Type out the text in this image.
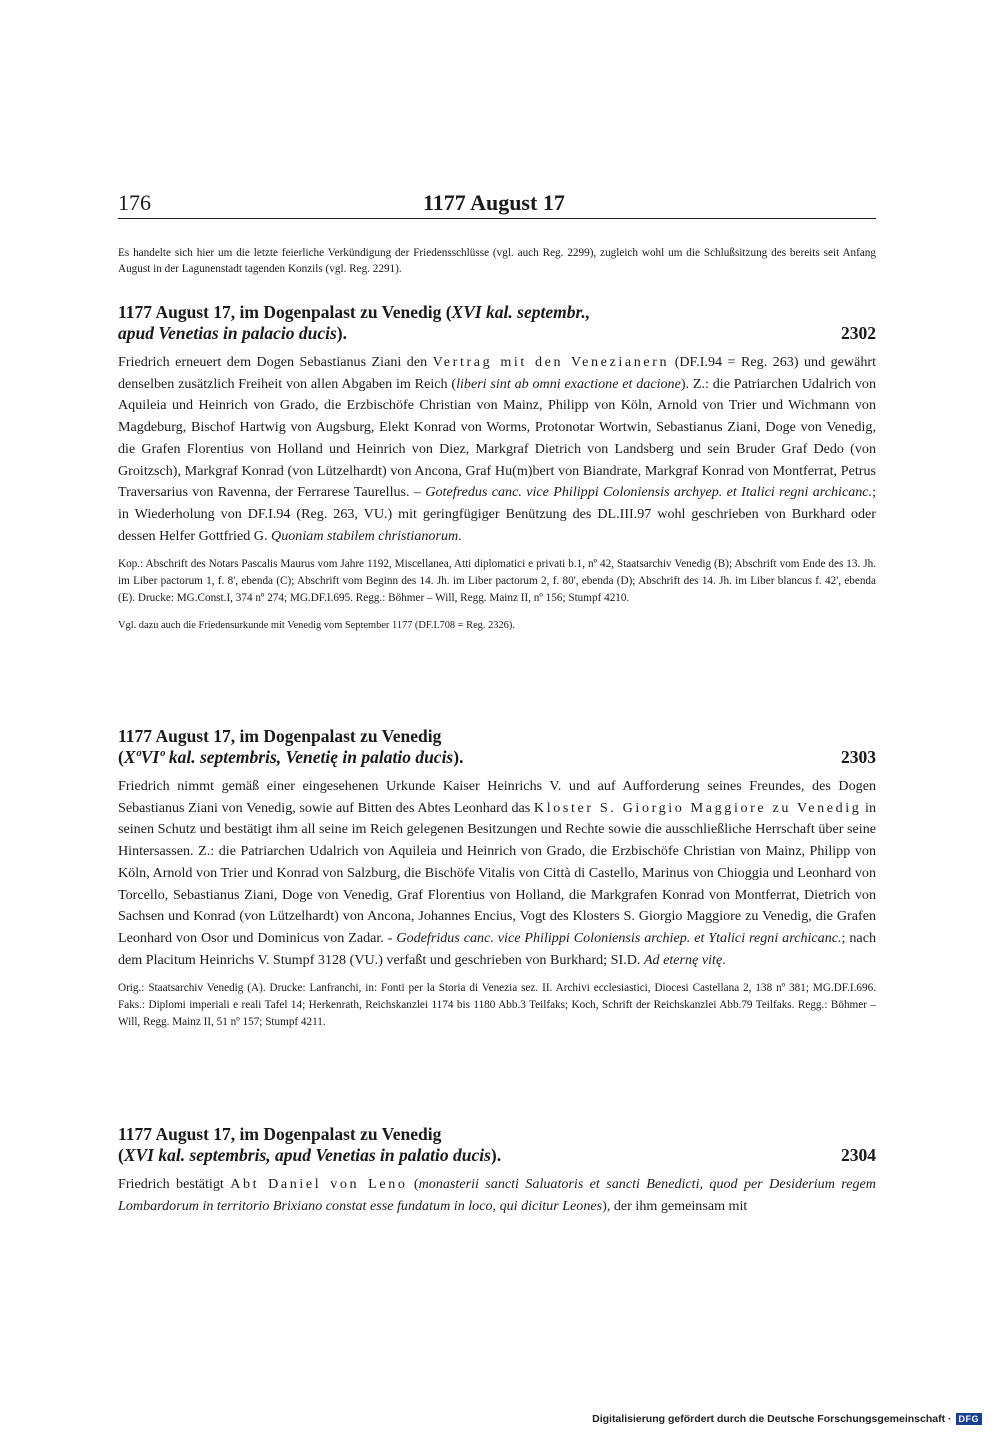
176	1177 August 17

Es handelte sich hier um die letzte feierliche Verkündigung der Friedensschlüsse (vgl. auch Reg. 2299), zugleich wohl um die Schlußsitzung des bereits seit Anfang August in der Lagunenstadt tagenden Konzils (vgl. Reg. 2291).

1177 August 17, im Dogenpalast zu Venedig (XVI kal. septembr.,
apud Venetias in palacio ducis).	2302

Friedrich erneuert dem Dogen Sebastianus Ziani den Vertrag mit den Venezianern (DF.I.94 = Reg. 263) und gewährt denselben zusätzlich Freiheit von allen Abgaben im Reich (liberi sint ab omni exactione et dacione). Z.: die Patriarchen Udalrich von Aquileia und Heinrich von Grado, die Erzbischöfe Christian von Mainz, Philipp von Köln, Arnold von Trier und Wichmann von Magdeburg, Bischof Hartwig von Augsburg, Elekt Konrad von Worms, Protonotar Wortwin, Sebastianus Ziani, Doge von Venedig, die Grafen Florentius von Holland und Heinrich von Diez, Markgraf Dietrich von Landsberg und sein Bruder Graf Dedo (von Groitzsch), Markgraf Konrad (von Lützelhardt) von Ancona, Graf Hu(m)bert von Biandrate, Markgraf Konrad von Montferrat, Petrus Traversarius von Ravenna, der Ferrarese Taurellus. – Gotefredus canc. vice Philippi Coloniensis archyep. et Italici regni archicanc.; in Wiederholung von DF.I.94 (Reg. 263, VU.) mit geringfügiger Benützung des DL.III.97 wohl geschrieben von Burkhard oder dessen Helfer Gottfried G. Quoniam stabilem christianorum.

Kop.: Abschrift des Notars Pascalis Maurus vom Jahre 1192, Miscellanea, Atti diplomatici e privati b.1, nº 42, Staatsarchiv Venedig (B); Abschrift vom Ende des 13. Jh. im Liber pactorum 1, f. 8', ebenda (C); Abschrift vom Beginn des 14. Jh. im Liber pactorum 2, f. 80', ebenda (D); Abschrift des 14. Jh. im Liber blancus f. 42', ebenda (E). Drucke: MG.Const.I, 374 nº 274; MG.DF.I.695. Regg.: Böhmer – Will, Regg. Mainz II, nº 156; Stumpf 4210.

Vgl. dazu auch die Friedensurkunde mit Venedig vom September 1177 (DF.I.708 = Reg. 2326).

1177 August 17, im Dogenpalast zu Venedig
(XºVIº kal. septembris, Venetię in palatio ducis).	2303

Friedrich nimmt gemäß einer eingesehenen Urkunde Kaiser Heinrichs V. und auf Aufforderung seines Freundes, des Dogen Sebastianus Ziani von Venedig, sowie auf Bitten des Abtes Leonhard das Kloster S. Giorgio Maggiore zu Venedig in seinen Schutz und bestätigt ihm all seine im Reich gelegenen Besitzungen und Rechte sowie die ausschließliche Herrschaft über seine Hintersassen. Z.: die Patriarchen Udalrich von Aquileia und Heinrich von Grado, die Erzbischöfe Christian von Mainz, Philipp von Köln, Arnold von Trier und Konrad von Salzburg, die Bischöfe Vitalis von Città di Castello, Marinus von Chioggia und Leonhard von Torcello, Sebastianus Ziani, Doge von Venedig, Graf Florentius von Holland, die Markgrafen Konrad von Montferrat, Dietrich von Sachsen und Konrad (von Lützelhardt) von Ancona, Johannes Encius, Vogt des Klosters S. Giorgio Maggiore zu Venedig, die Grafen Leonhard von Osor und Dominicus von Zadar. - Godefridus canc. vice Philippi Coloniensis archiep. et Ytalici regni archicanc.; nach dem Placitum Heinrichs V. Stumpf 3128 (VU.) verfaßt und geschrieben von Burkhard; SI.D. Ad eternę vitę.

Orig.: Staatsarchiv Venedig (A). Drucke: Lanfranchi, in: Fonti per la Storia di Venezia sez. II. Archivi ecclesiastici, Diocesi Castellana 2, 138 nº 381; MG.DF.I.696. Faks.: Diplomi imperiali e reali Tafel 14; Herkenrath, Reichskanzlei 1174 bis 1180 Abb.3 Teilfaks; Koch, Schrift der Reichskanzlei Abb.79 Teilfaks. Regg.: Böhmer – Will, Regg. Mainz II, 51 nº 157; Stumpf 4211.

1177 August 17, im Dogenpalast zu Venedig
(XVI kal. septembris, apud Venetias in palatio ducis).	2304

Friedrich bestätigt Abt Daniel von Leno (monasterii sancti Saluatoris et sancti Benedicti, quod per Desiderium regem Lombardorum in territorio Brixiano constat esse fundatum in loco, qui dicitur Leones), der ihm gemeinsam mit

Digitalisierung gefördert durch die Deutsche Forschungsgemeinschaft · DFG
